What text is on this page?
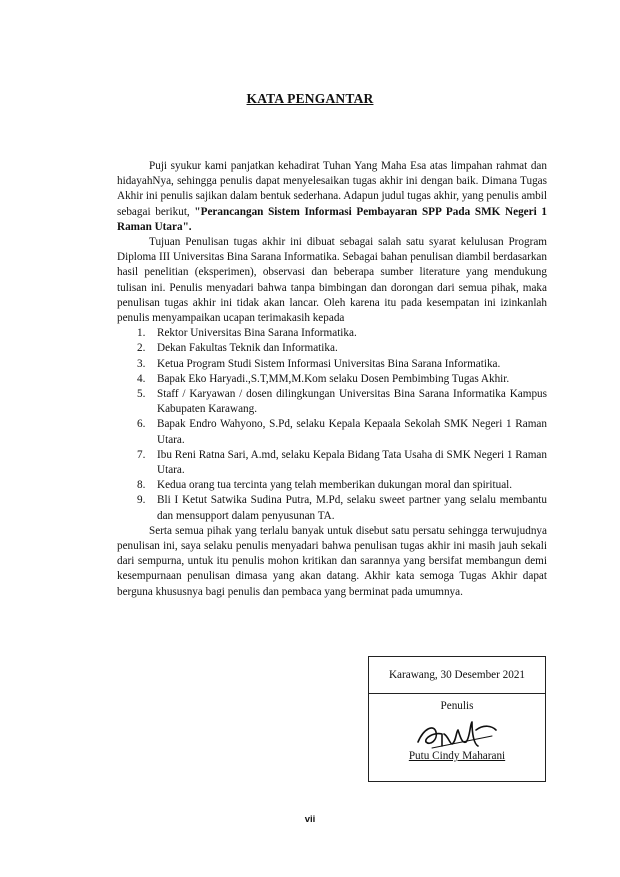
KATA PENGANTAR

Puji syukur kami panjatkan kehadirat Tuhan Yang Maha Esa atas limpahan rahmat dan hidayahNya, sehingga penulis dapat menyelesaikan tugas akhir ini dengan baik. Dimana Tugas Akhir ini penulis sajikan dalam bentuk sederhana. Adapun judul tugas akhir, yang penulis ambil sebagai berikut, "Perancangan Sistem Informasi Pembayaran SPP Pada SMK Negeri 1 Raman Utara".

Tujuan Penulisan tugas akhir ini dibuat sebagai salah satu syarat kelulusan Program Diploma III Universitas Bina Sarana Informatika. Sebagai bahan penulisan diambil berdasarkan hasil penelitian (eksperimen), observasi dan beberapa sumber literature yang mendukung tulisan ini. Penulis menyadari bahwa tanpa bimbingan dan dorongan dari semua pihak, maka penulisan tugas akhir ini tidak akan lancar. Oleh karena itu pada kesempatan ini izinkanlah penulis menyampaikan ucapan terimakasih kepada

1. Rektor Universitas Bina Sarana Informatika.
2. Dekan Fakultas Teknik dan Informatika.
3. Ketua Program Studi Sistem Informasi Universitas Bina Sarana Informatika.
4. Bapak Eko Haryadi.,S.T,MM,M.Kom selaku Dosen Pembimbing Tugas Akhir.
5. Staff / Karyawan / dosen dilingkungan Universitas Bina Sarana Informatika Kampus Kabupaten Karawang.
6. Bapak Endro Wahyono, S.Pd, selaku Kepala Kepaala Sekolah SMK Negeri 1 Raman Utara.
7. Ibu Reni Ratna Sari, A.md, selaku Kepala Bidang Tata Usaha di SMK Negeri 1 Raman Utara.
8. Kedua orang tua tercinta yang telah memberikan dukungan moral dan spiritual.
9. Bli I Ketut Satwika Sudina Putra, M.Pd, selaku sweet partner yang selalu membantu dan mensupport dalam penyusunan TA.

Serta semua pihak yang terlalu banyak untuk disebut satu persatu sehingga terwujudnya penulisan ini, saya selaku penulis menyadari bahwa penulisan tugas akhir ini masih jauh sekali dari sempurna, untuk itu penulis mohon kritikan dan sarannya yang bersifat membangun demi kesempurnaan penulisan dimasa yang akan datang. Akhir kata semoga Tugas Akhir dapat berguna khususnya bagi penulis dan pembaca yang berminat pada umumnya.

Karawang, 30 Desember 2021
Penulis
Putu Cindy Maharani
vii
